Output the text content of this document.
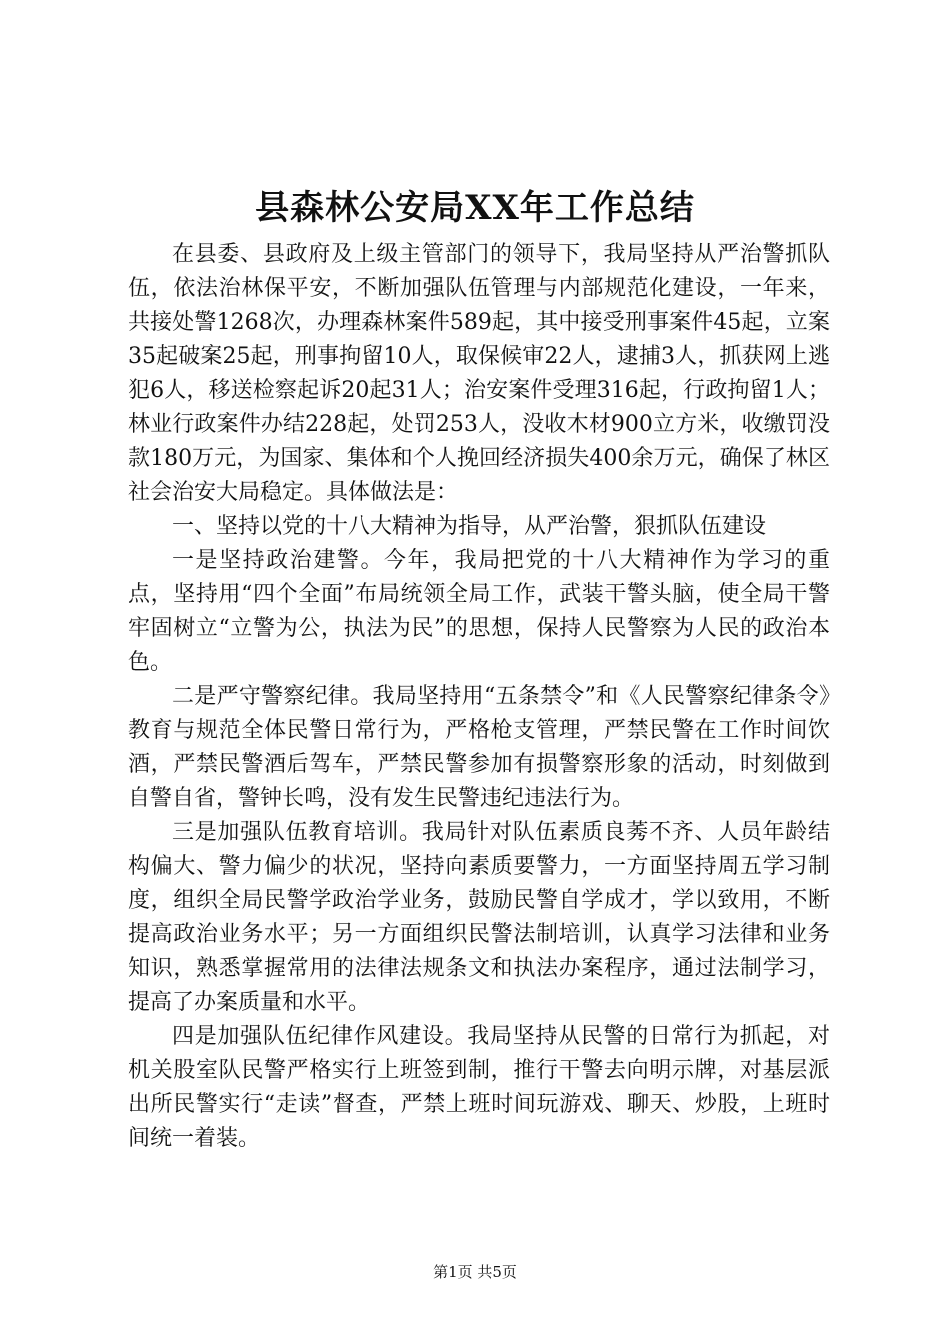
县森林公安局XX年工作总结

在县委、县政府及上级主管部门的领导下，我局坚持从严治警抓队伍，依法治林保平安，不断加强队伍管理与内部规范化建设，一年来，共接处警1268次，办理森林案件589起，其中接受刑事案件45起，立案35起破案25起，刑事拘留10人，取保候审22人，逮捕3人，抓获网上逃犯6人，移送检察起诉20起31人；治安案件受理316起，行政拘留1人；林业行政案件办结228起，处罚253人，没收木材900立方米，收缴罚没款180万元，为国家、集体和个人挽回经济损失400余万元，确保了林区社会治安大局稳定。具体做法是：

一、坚持以党的十八大精神为指导，从严治警，狠抓队伍建设

一是坚持政治建警。今年，我局把党的十八大精神作为学习的重点，坚持用“四个全面”布局统领全局工作，武装干警头脑，使全局干警牢固树立“立警为公，执法为民”的思想，保持人民警察为人民的政治本色。

二是严守警察纪律。我局坚持用“五条禁令”和《人民警察纪律条令》教育与规范全体民警日常行为，严格枪支管理，严禁民警在工作时间饮酒，严禁民警酒后驾车，严禁民警参加有损警察形象的活动，时刻做到自警自省，警钟长鸣，没有发生民警违纪违法行为。

三是加强队伍教育培训。我局针对队伍素质良莠不齐、人员年龄结构偏大、警力偏少的状况，坚持向素质要警力，一方面坚持周五学习制度，组织全局民警学政治学业务，鼓励民警自学成才，学以致用，不断提高政治业务水平；另一方面组织民警法制培训，认真学习法律和业务知识，熟悉掌握常用的法律法规条文和执法办案程序，通过法制学习，提高了办案质量和水平。

四是加强队伍纪律作风建设。我局坚持从民警的日常行为抓起，对机关股室队民警严格实行上班签到制，推行干警去向明示牌，对基层派出所民警实行“走读”督查，严禁上班时间玩游戏、聊天、炒股，上班时间统一着装。

第1页 共5页
